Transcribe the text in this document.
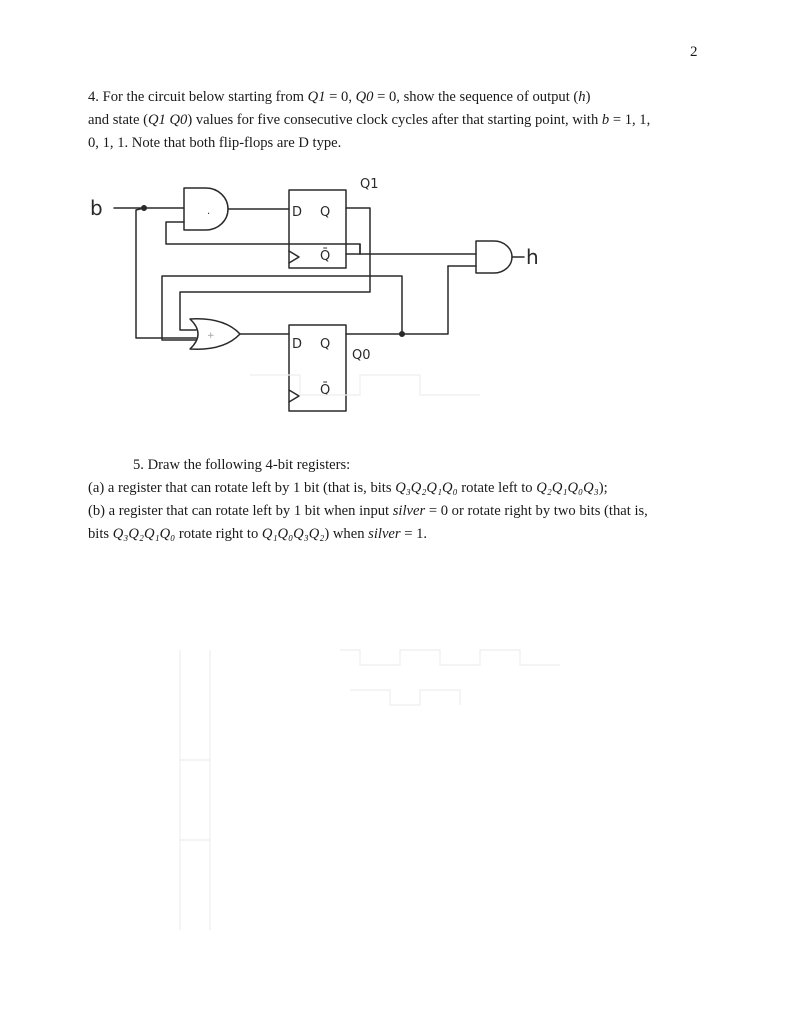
2
4. For the circuit below starting from Q1 = 0, Q0 = 0, show the sequence of output (h)
and state (Q1 Q0) values for five consecutive clock cycles after that starting point, with b = 1, 1,
0, 1, 1. Note that both flip-flops are D type.
b	.	D Q
Q̄
Q1
h
+
D Q
Q̄
Q0
5. Draw the following 4-bit registers:
(a) a register that can rotate left by 1 bit (that is, bits Q₃Q₂Q₁Q₀ rotate left to Q₂Q₁Q₀Q₃);
(b) a register that can rotate left by 1 bit when input silver = 0 or rotate right by two bits (that is,
bits Q₃Q₂Q₁Q₀ rotate right to Q₁Q₀Q₃Q₂) when silver = 1.
